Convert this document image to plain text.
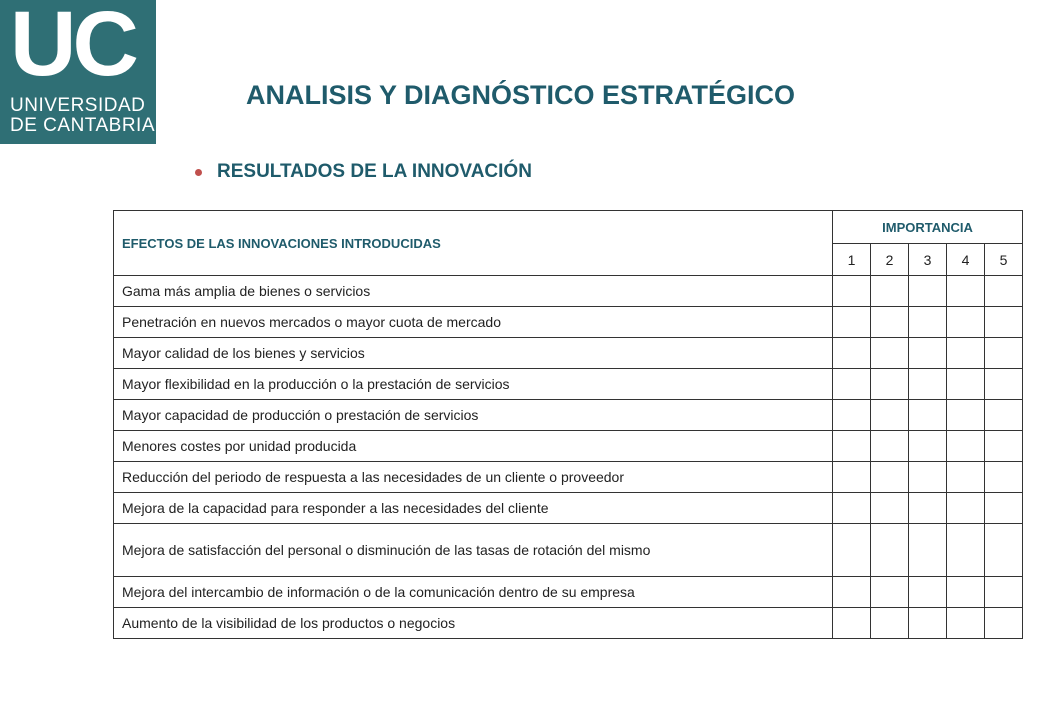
UC
UNIVERSIDAD
DE CANTABRIA
ANALISIS Y DIAGNÓSTICO ESTRATÉGICO
RESULTADOS DE LA INNOVACIÓN
EFECTOS DE LAS INNOVACIONES INTRODUCIDAS	IMPORTANCIA				
	1	2	3	4	5
Gama más amplia de bienes o servicios					
Penetración en nuevos mercados o mayor cuota de mercado					
Mayor calidad de los bienes y servicios					
Mayor flexibilidad en la producción o la prestación de servicios					
Mayor capacidad de producción o prestación de servicios					
Menores costes por unidad producida					
Reducción del periodo de respuesta a las necesidades de un cliente o proveedor					
Mejora de la capacidad para responder a las necesidades del cliente					
Mejora de satisfacción del personal o disminución de las tasas de rotación del mismo					
Mejora del intercambio de información o de la comunicación dentro de su empresa					
Aumento de la visibilidad de los productos o negocios					
